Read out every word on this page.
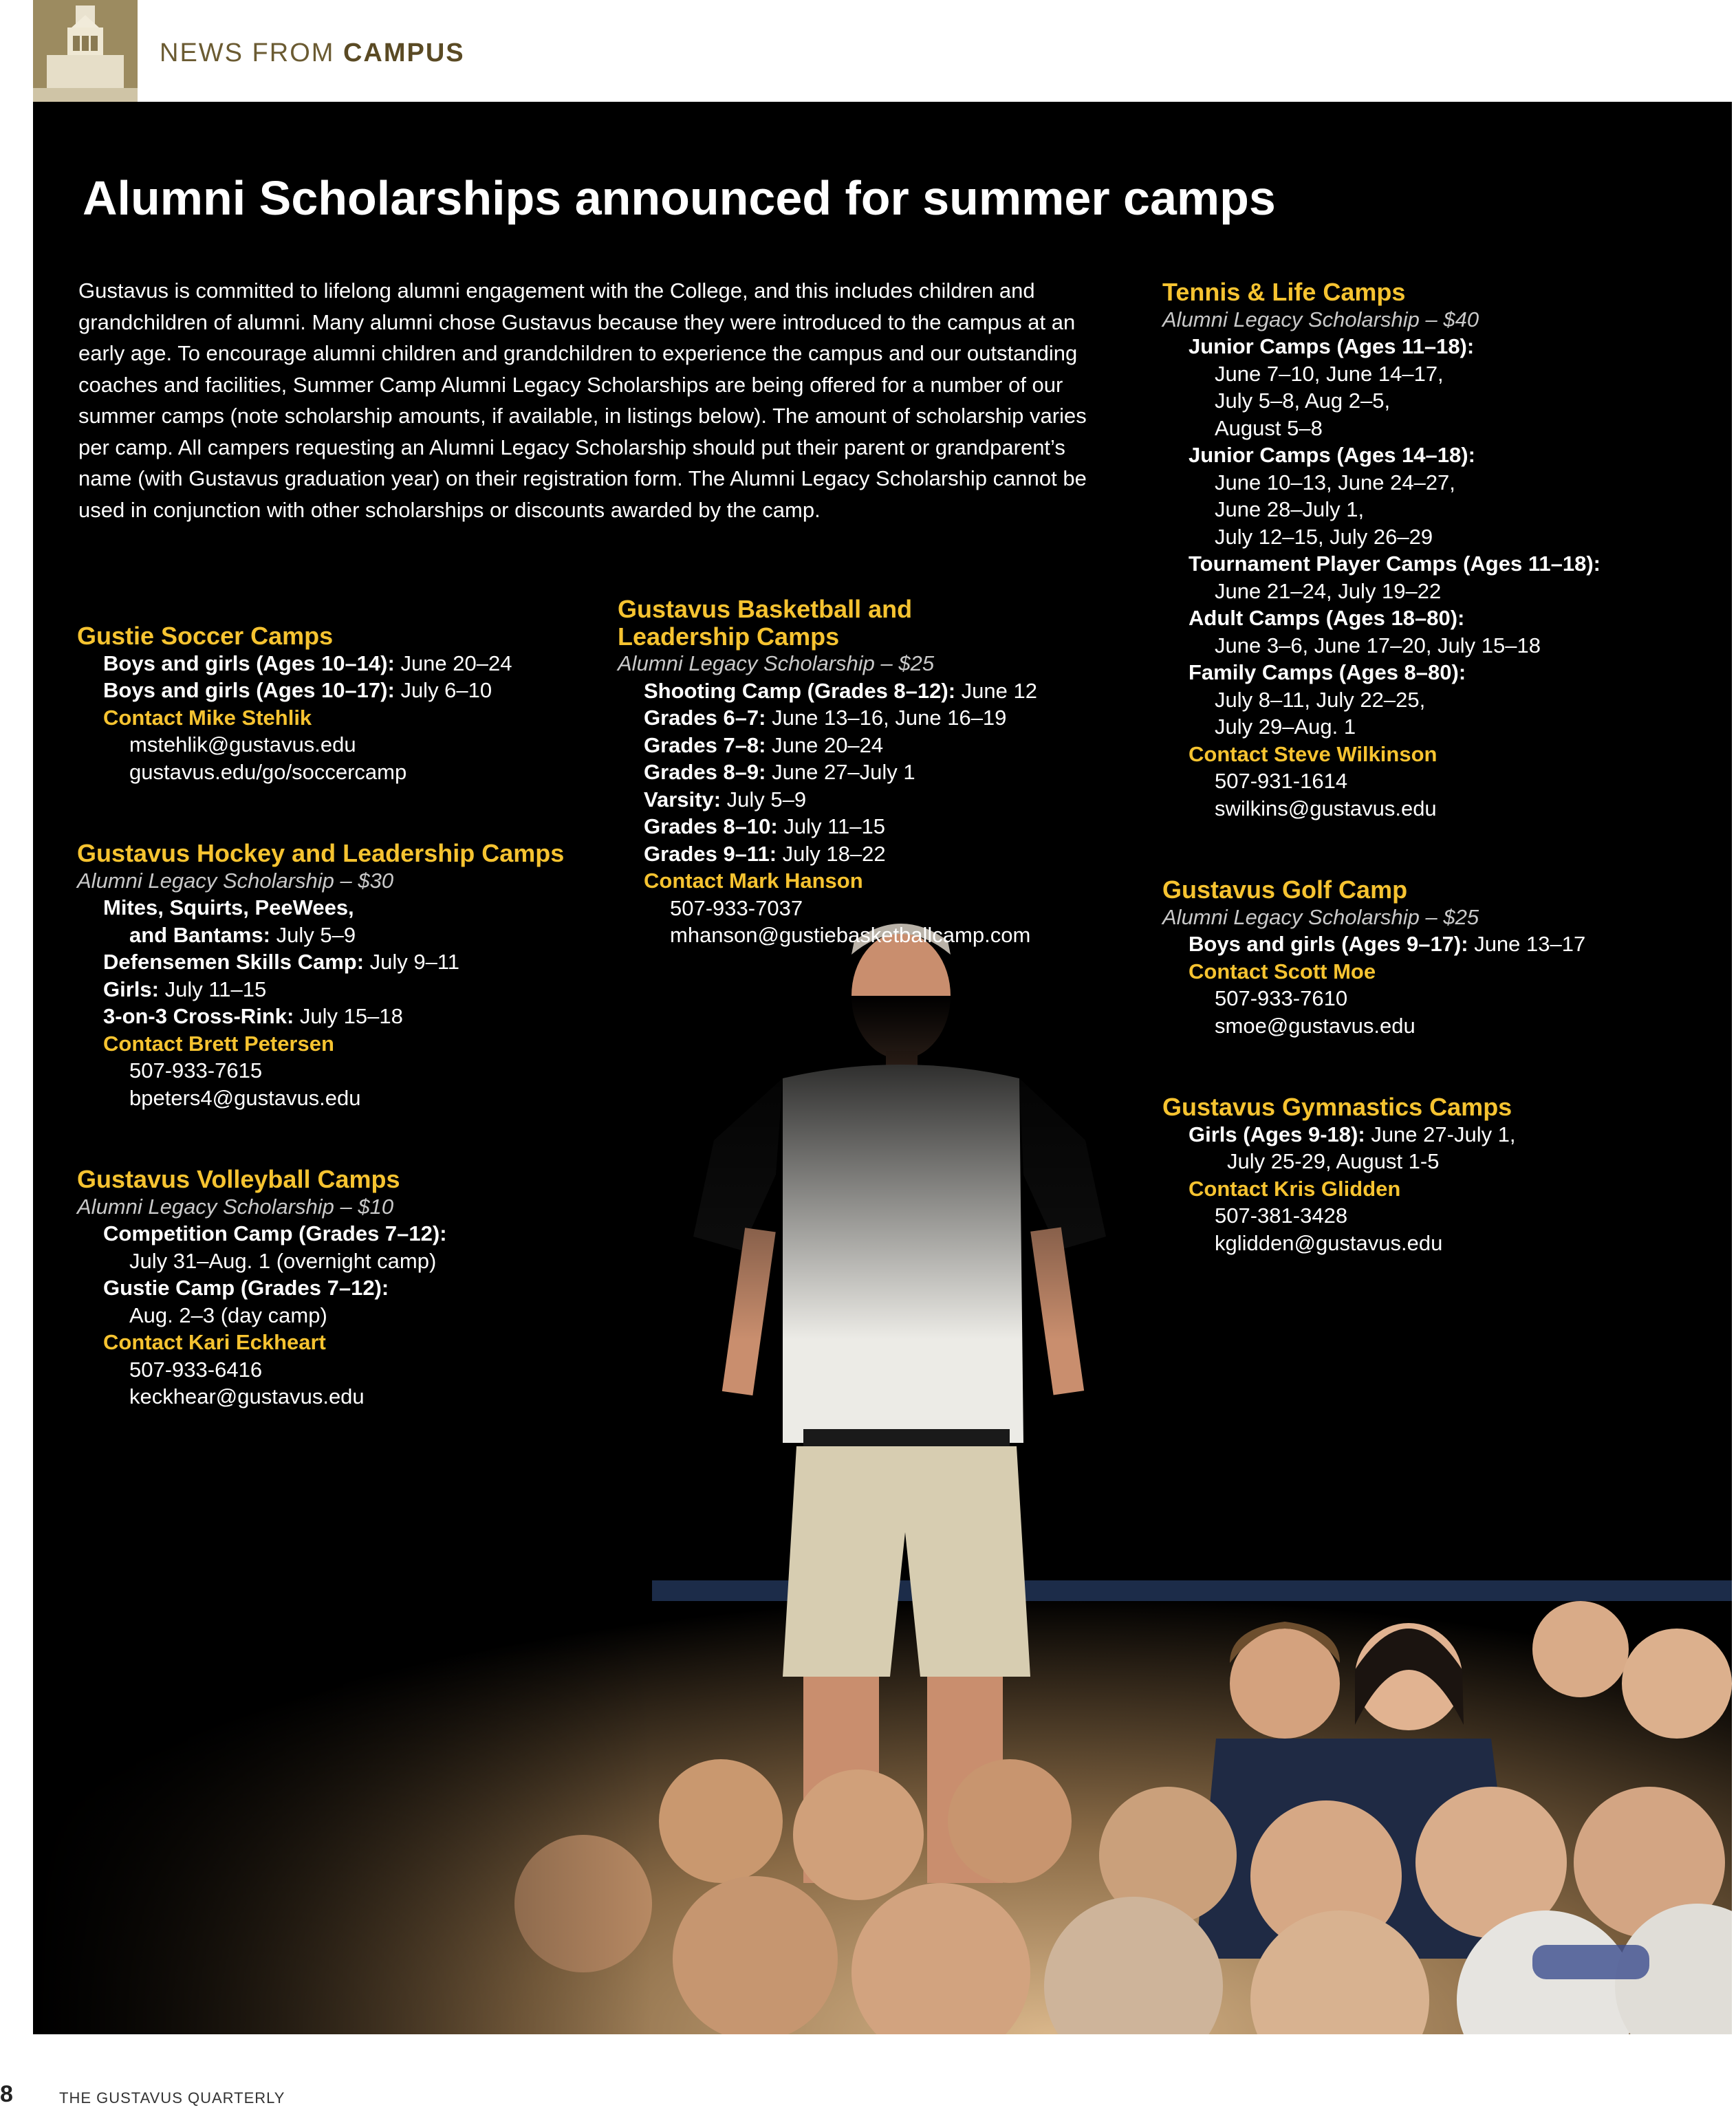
NEWS FROM CAMPUS
Alumni Scholarships announced for summer camps
Gustavus is committed to lifelong alumni engagement with the College, and this includes children and grandchildren of alumni. Many alumni chose Gustavus because they were introduced to the campus at an early age. To encourage alumni children and grandchildren to experience the campus and our outstanding coaches and facilities, Summer Camp Alumni Legacy Scholarships are being offered for a number of our summer camps (note scholarship amounts, if available, in listings below). The amount of scholarship varies per camp. All campers requesting an Alumni Legacy Scholarship should put their parent or grandparent’s name (with Gustavus graduation year) on their registration form. The Alumni Legacy Scholarship cannot be used in conjunction with other scholarships or discounts awarded by the camp.
Gustie Soccer Camps
Boys and girls (Ages 10–14): June 20–24
Boys and girls (Ages 10–17): July 6–10
Contact Mike Stehlik
mstehlik@gustavus.edu
gustavus.edu/go/soccercamp
Gustavus Hockey and Leadership Camps
Alumni Legacy Scholarship – $30
Mites, Squirts, PeeWees,
and Bantams: July 5–9
Defensemen Skills Camp: July 9–11
Girls: July 11–15
3-on-3 Cross-Rink: July 15–18
Contact Brett Petersen
507-933-7615
bpeters4@gustavus.edu
Gustavus Volleyball Camps
Alumni Legacy Scholarship – $10
Competition Camp (Grades 7–12):
July 31–Aug. 1 (overnight camp)
Gustie Camp (Grades 7–12):
Aug. 2–3 (day camp)
Contact Kari Eckheart
507-933-6416
keckhear@gustavus.edu
Gustavus Basketball and
Leadership Camps
Alumni Legacy Scholarship – $25
Shooting Camp (Grades 8–12): June 12
Grades 6–7: June 13–16, June 16–19
Grades 7–8: June 20–24
Grades 8–9: June 27–July 1
Varsity: July 5–9
Grades 8–10: July 11–15
Grades 9–11: July 18–22
Contact Mark Hanson
507-933-7037
mhanson@gustiebasketballcamp.com
Tennis & Life Camps
Alumni Legacy Scholarship – $40
Junior Camps (Ages 11–18):
June 7–10, June 14–17,
July 5–8, Aug 2–5,
August 5–8
Junior Camps (Ages 14–18):
June 10–13, June 24–27,
June 28–July 1,
July 12–15, July 26–29
Tournament Player Camps (Ages 11–18):
June 21–24, July 19–22
Adult Camps (Ages 18–80):
June 3–6, June 17–20, July 15–18
Family Camps (Ages 8–80):
July 8–11, July 22–25,
July 29–Aug. 1
Contact Steve Wilkinson
507-931-1614
swilkins@gustavus.edu
Gustavus Golf Camp
Alumni Legacy Scholarship – $25
Boys and girls (Ages 9–17): June 13–17
Contact Scott Moe
507-933-7610
smoe@gustavus.edu
Gustavus Gymnastics Camps
Girls (Ages 9-18): June 27-July 1,
July 25-29, August 1-5
Contact Kris Glidden
507-381-3428
kglidden@gustavus.edu
8	THE GUSTAVUS QUARTERLY
